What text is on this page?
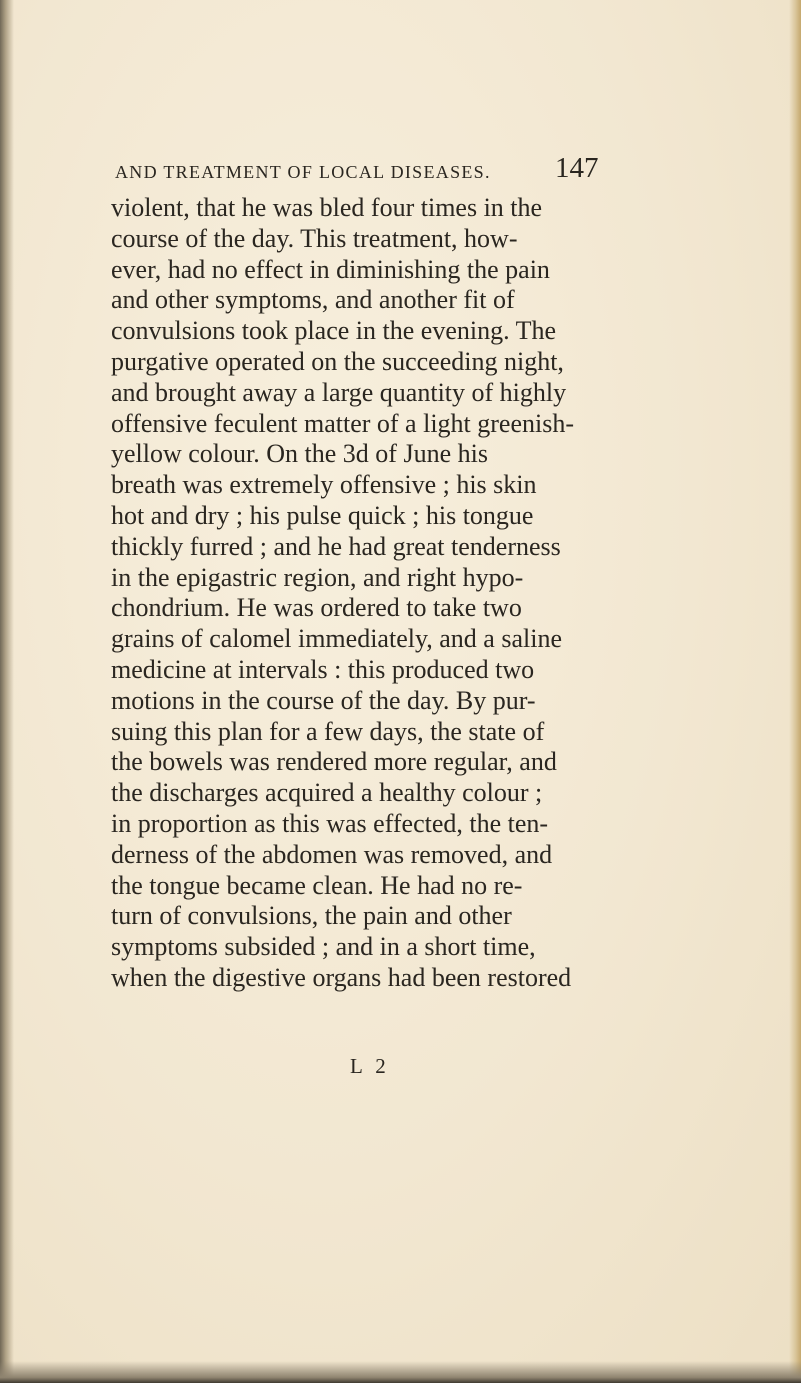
AND TREATMENT OF LOCAL DISEASES. 147
violent, that he was bled four times in the
course of the day. This treatment, how-
ever, had no effect in diminishing the pain
and other symptoms, and another fit of
convulsions took place in the evening. The
purgative operated on the succeeding night,
and brought away a large quantity of highly
offensive feculent matter of a light greenish-
yellow colour. On the 3d of June his
breath was extremely offensive ; his skin
hot and dry ; his pulse quick ; his tongue
thickly furred ; and he had great tenderness
in the epigastric region, and right hypo-
chondrium. He was ordered to take two
grains of calomel immediately, and a saline
medicine at intervals : this produced two
motions in the course of the day. By pur-
suing this plan for a few days, the state of
the bowels was rendered more regular, and
the discharges acquired a healthy colour ;
in proportion as this was effected, the ten-
derness of the abdomen was removed, and
the tongue became clean. He had no re-
turn of convulsions, the pain and other
symptoms subsided ; and in a short time,
when the digestive organs had been restored
L 2
